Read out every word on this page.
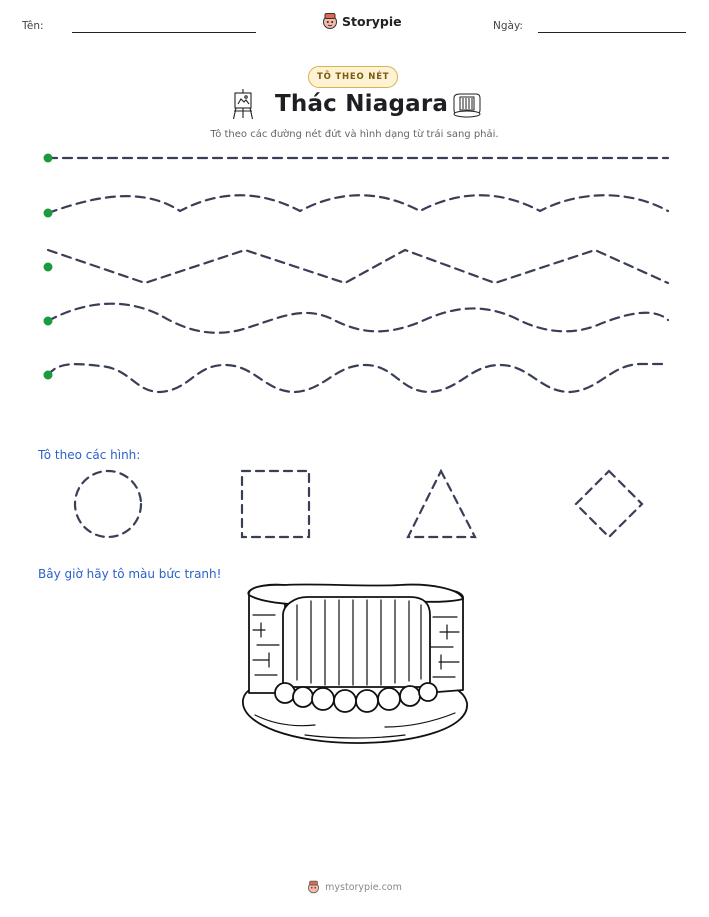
Tên:	Storypie	Ngày:
TÔ THEO NÉT
Thác Niagara
Tô theo các đường nét đứt và hình dạng từ trái sang phải.
Tô theo các hình:
Bây giờ hãy tô màu bức tranh!
mystorypie.com
